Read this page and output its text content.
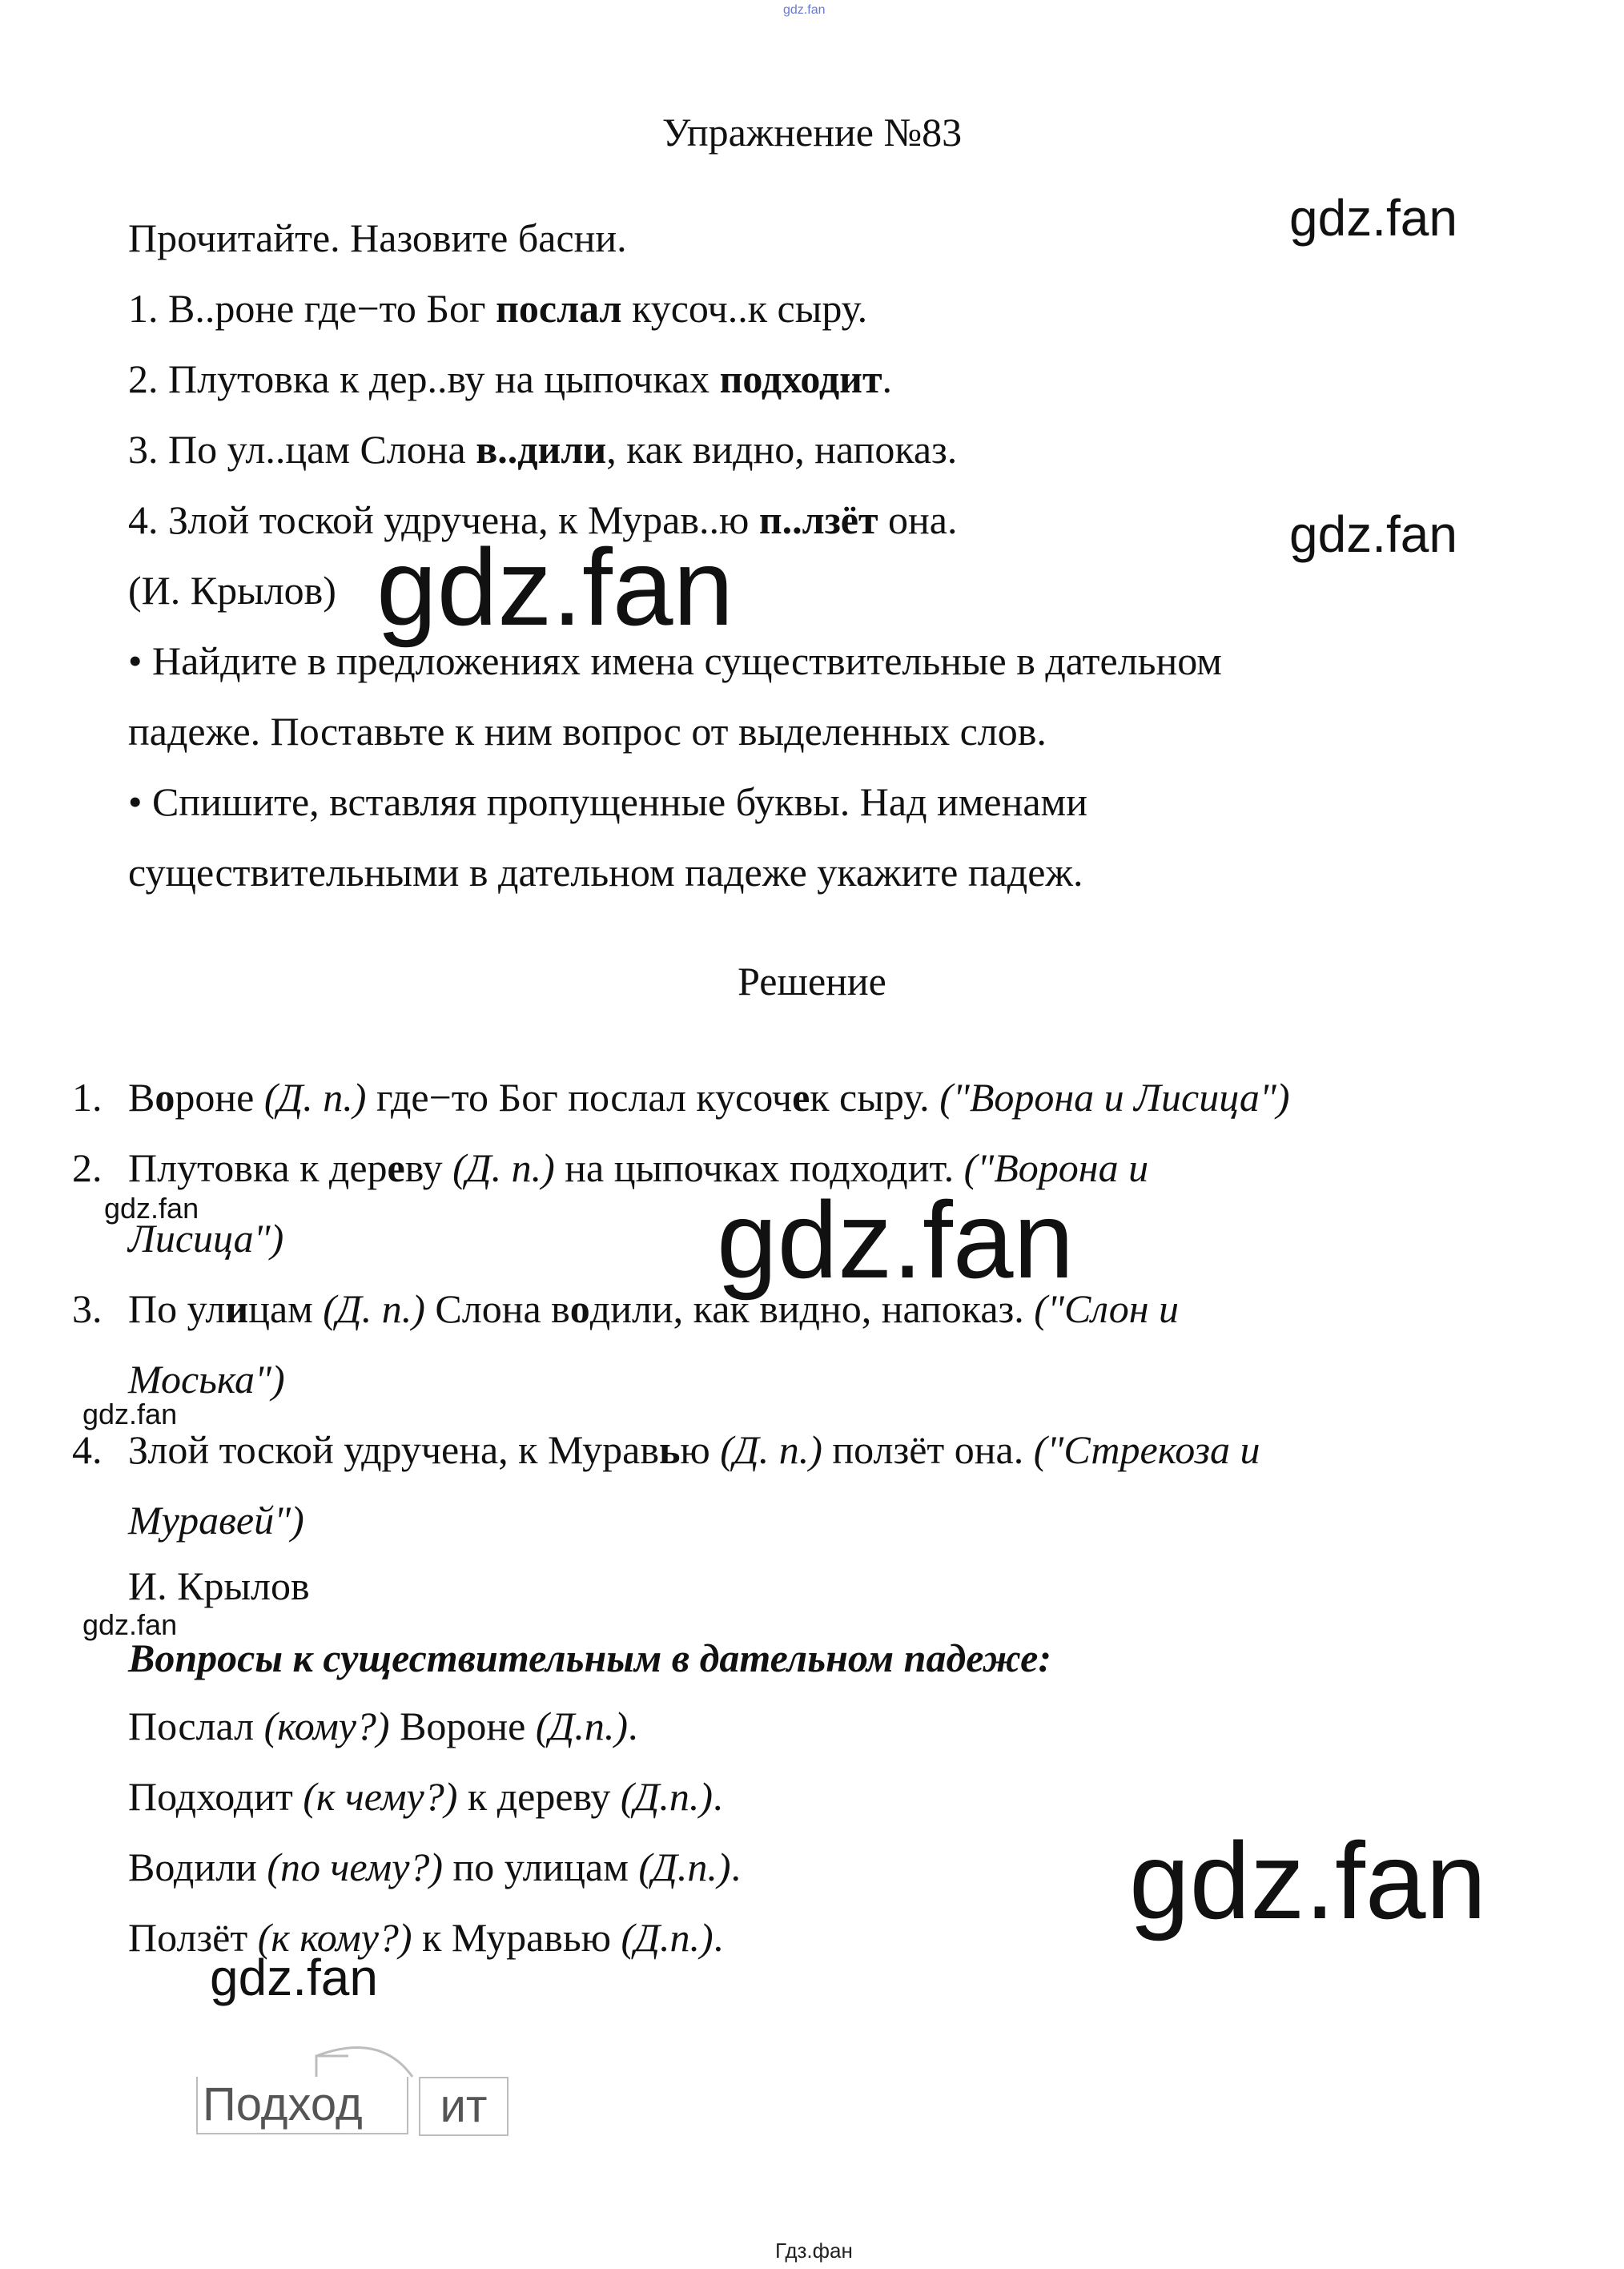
gdz.fan
Упражнение №83
Прочитайте. Назовите басни.
1. В..роне где−то Бог послал кусоч..к сыру.
2. Плутовка к дер..ву на цыпочках подходит.
3. По ул..цам Слона в..дили, как видно, напоказ.
4. Злой тоской удручена, к Мурав..ю п..лзёт она.
(И. Крылов)
• Найдите в предложениях имена существительные в дательном
падеже. Поставьте к ним вопрос от выделенных слов.
• Спишите, вставляя пропущенные буквы. Над именами
существительными в дательном падеже укажите падеж.
Решение
1. Вороне (Д. п.) где−то Бог послал кусочек сыру. ("Ворона и Лисица")
2. Плутовка к дереву (Д. п.) на цыпочках подходит. ("Ворона и
Лисица")
3. По улицам (Д. п.) Слона водили, как видно, напоказ. ("Слон и
Моська")
4. Злой тоской удручена, к Муравью (Д. п.) ползёт она. ("Стрекоза и
Муравей")
И. Крылов
Вопросы к существительным в дательном падеже:
Послал (кому?) Вороне (Д.п.).
Подходит (к чему?) к дереву (Д.п.).
Водили (по чему?) по улицам (Д.п.).
Ползёт (к кому?) к Муравью (Д.п.).
Подход	ит
gdz.fan
gdz.fan
gdz.fan
gdz.fan
gdz.fan
gdz.fan
gdz.fan
gdz.fan
gdz.fan
Гдз.фан
